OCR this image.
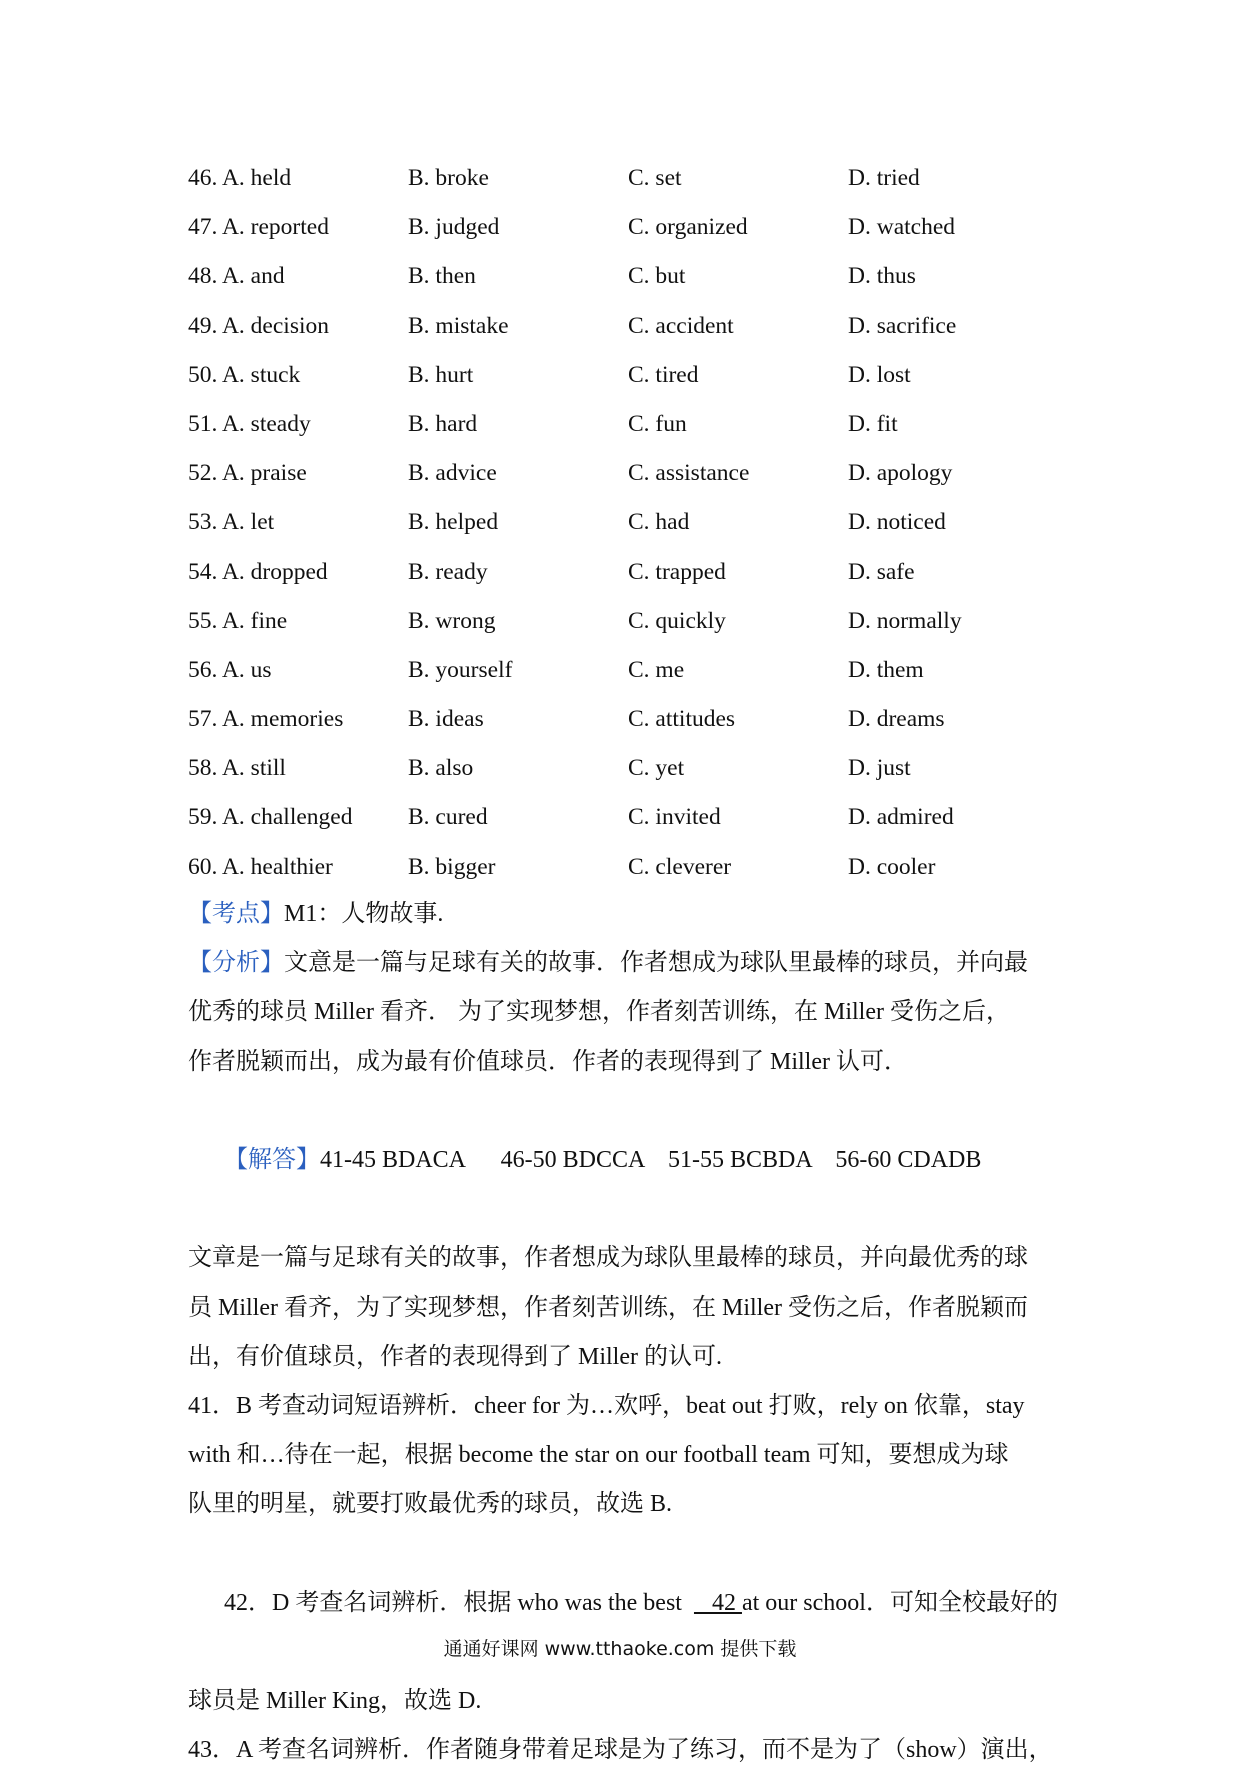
46. A. held	B. broke	C. set	D. tried
47. A. reported	B. judged	C. organized	D. watched
48. A. and	B. then	C. but	D. thus
49. A. decision	B. mistake	C. accident	D. sacrifice
50. A. stuck	B. hurt	C. tired	D. lost
51. A. steady	B. hard	C. fun	D. fit
52. A. praise	B. advice	C. assistance	D. apology
53. A. let	B. helped	C. had	D. noticed
54. A. dropped	B. ready	C. trapped	D. safe
55. A. fine	B. wrong	C. quickly	D. normally
56. A. us	B. yourself	C. me	D. them
57. A. memories	B. ideas	C. attitudes	D. dreams
58. A. still	B. also	C. yet	D. just
59. A. challenged B. cured	C. invited	D. admired
60. A. healthier	B. bigger	C. cleverer	D. cooler

【考点】M1：人物故事.

【分析】文意是一篇与足球有关的故事．作者想成为球队里最棒的球员，并向最

优秀的球员 Miller 看齐． 为了实现梦想，作者刻苦训练，在 Miller 受伤之后，

作者脱颖而出，成为最有价值球员．作者的表现得到了 Miller 认可．

【解答】41-45 BDACA      46-50 BDCCA    51-55 BCBDA    56-60 CDADB

文章是一篇与足球有关的故事，作者想成为球队里最棒的球员，并向最优秀的球

员 Miller 看齐，为了实现梦想，作者刻苦训练，在 Miller 受伤之后，作者脱颖而

出，有价值球员，作者的表现得到了 Miller 的认可.

41．B 考查动词短语辨析．cheer for 为…欢呼，beat out 打败，rely on 依靠，stay

with 和…待在一起，根据 become the star on our football team 可知，要想成为球

队里的明星，就要打败最优秀的球员，故选 B.

42．D 考查名词辨析．根据 who was the best     42 at our school．可知全校最好的

球员是 Miller King，故选 D.

43．A 考查名词辨析．作者随身带着足球是为了练习，而不是为了（show）演出，

通通好课网 www.tthaoke.com 提供下载
